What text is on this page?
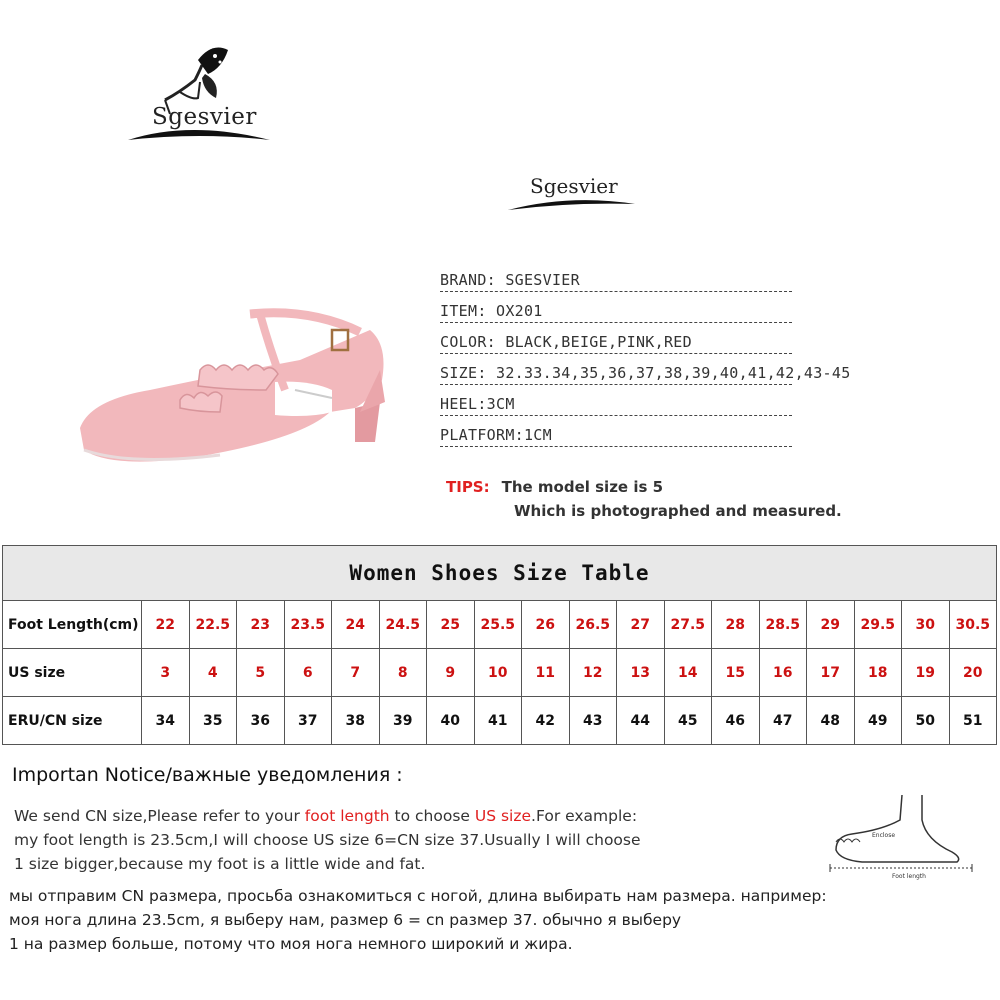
Sgesvier
Sgesvier
BRAND: SGESVIER
ITEM: OX201
COLOR: BLACK,BEIGE,PINK,RED
SIZE: 32.33.34,35,36,37,38,39,40,41,42,43-45
HEEL:3CM
PLATFORM:1CM
TIPS: The model size is 5
Which is photographed and measured.
Women Shoes Size Table																		
Foot Length(cm)	22	22.5	23	23.5	24	24.5	25	25.5	26	26.5	27	27.5	28	28.5	29	29.5	30	30.5
US size	3	4	5	6	7	8	9	10	11	12	13	14	15	16	17	18	19	20
ERU/CN size	34	35	36	37	38	39	40	41	42	43	44	45	46	47	48	49	50	51
Importan Notice/важные уведомления :
We send CN size,Please refer to your foot length to choose US size.For example:
my foot length is 23.5cm,I will choose US size 6=CN size 37.Usually I will choose
1 size bigger,because my foot is a little wide and fat.
мы отправим CN размера, просьба ознакомиться с ногой, длина выбирать нам размера. например:
моя нога длина 23.5cm, я выберу нам, размер 6 = cn размер 37. обычно я выберу
1 на размер больше, потому что моя нога немного широкий и жира.
Enclose
Foot length
